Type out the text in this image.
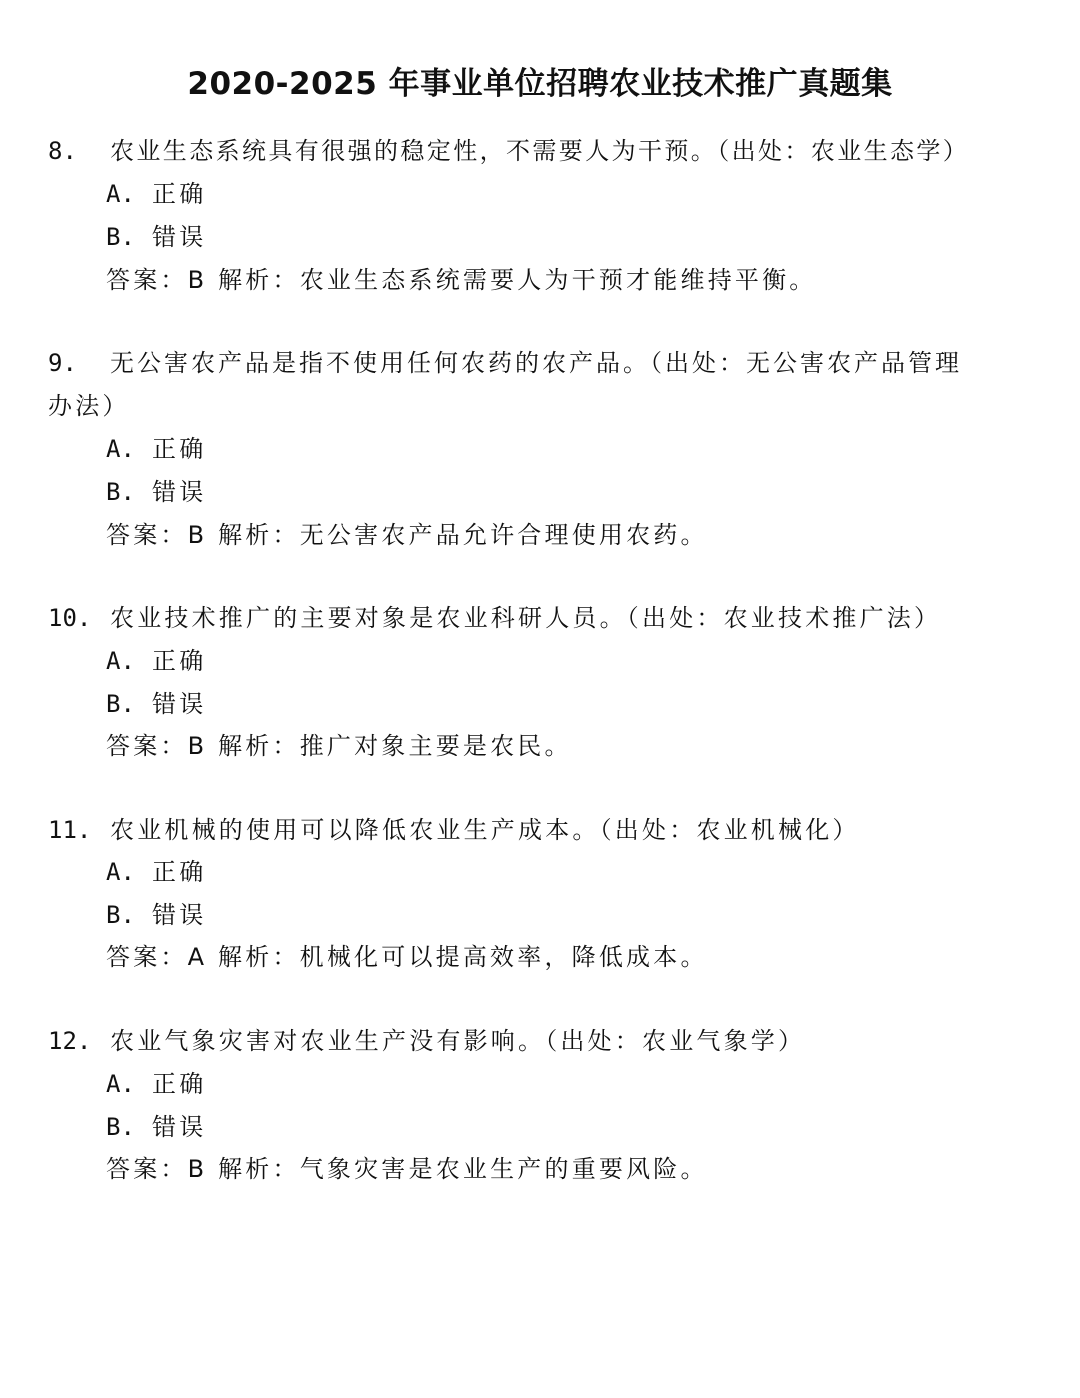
2020-2025 年事业单位招聘农业技术推广真题集
8. 农业生态系统具有很强的稳定性，不需要人为干预。（出处：农业生态学）
A. 正确
B. 错误
答案：B 解析：农业生态系统需要人为干预才能维持平衡。
9. 无公害农产品是指不使用任何农药的农产品。（出处：无公害农产品管理
办法）
A. 正确
B. 错误
答案：B 解析：无公害农产品允许合理使用农药。
10. 农业技术推广的主要对象是农业科研人员。（出处：农业技术推广法）
A. 正确
B. 错误
答案：B 解析：推广对象主要是农民。
11. 农业机械的使用可以降低农业生产成本。（出处：农业机械化）
A. 正确
B. 错误
答案：A 解析：机械化可以提高效率，降低成本。
12. 农业气象灾害对农业生产没有影响。（出处：农业气象学）
A. 正确
B. 错误
答案：B 解析：气象灾害是农业生产的重要风险。
